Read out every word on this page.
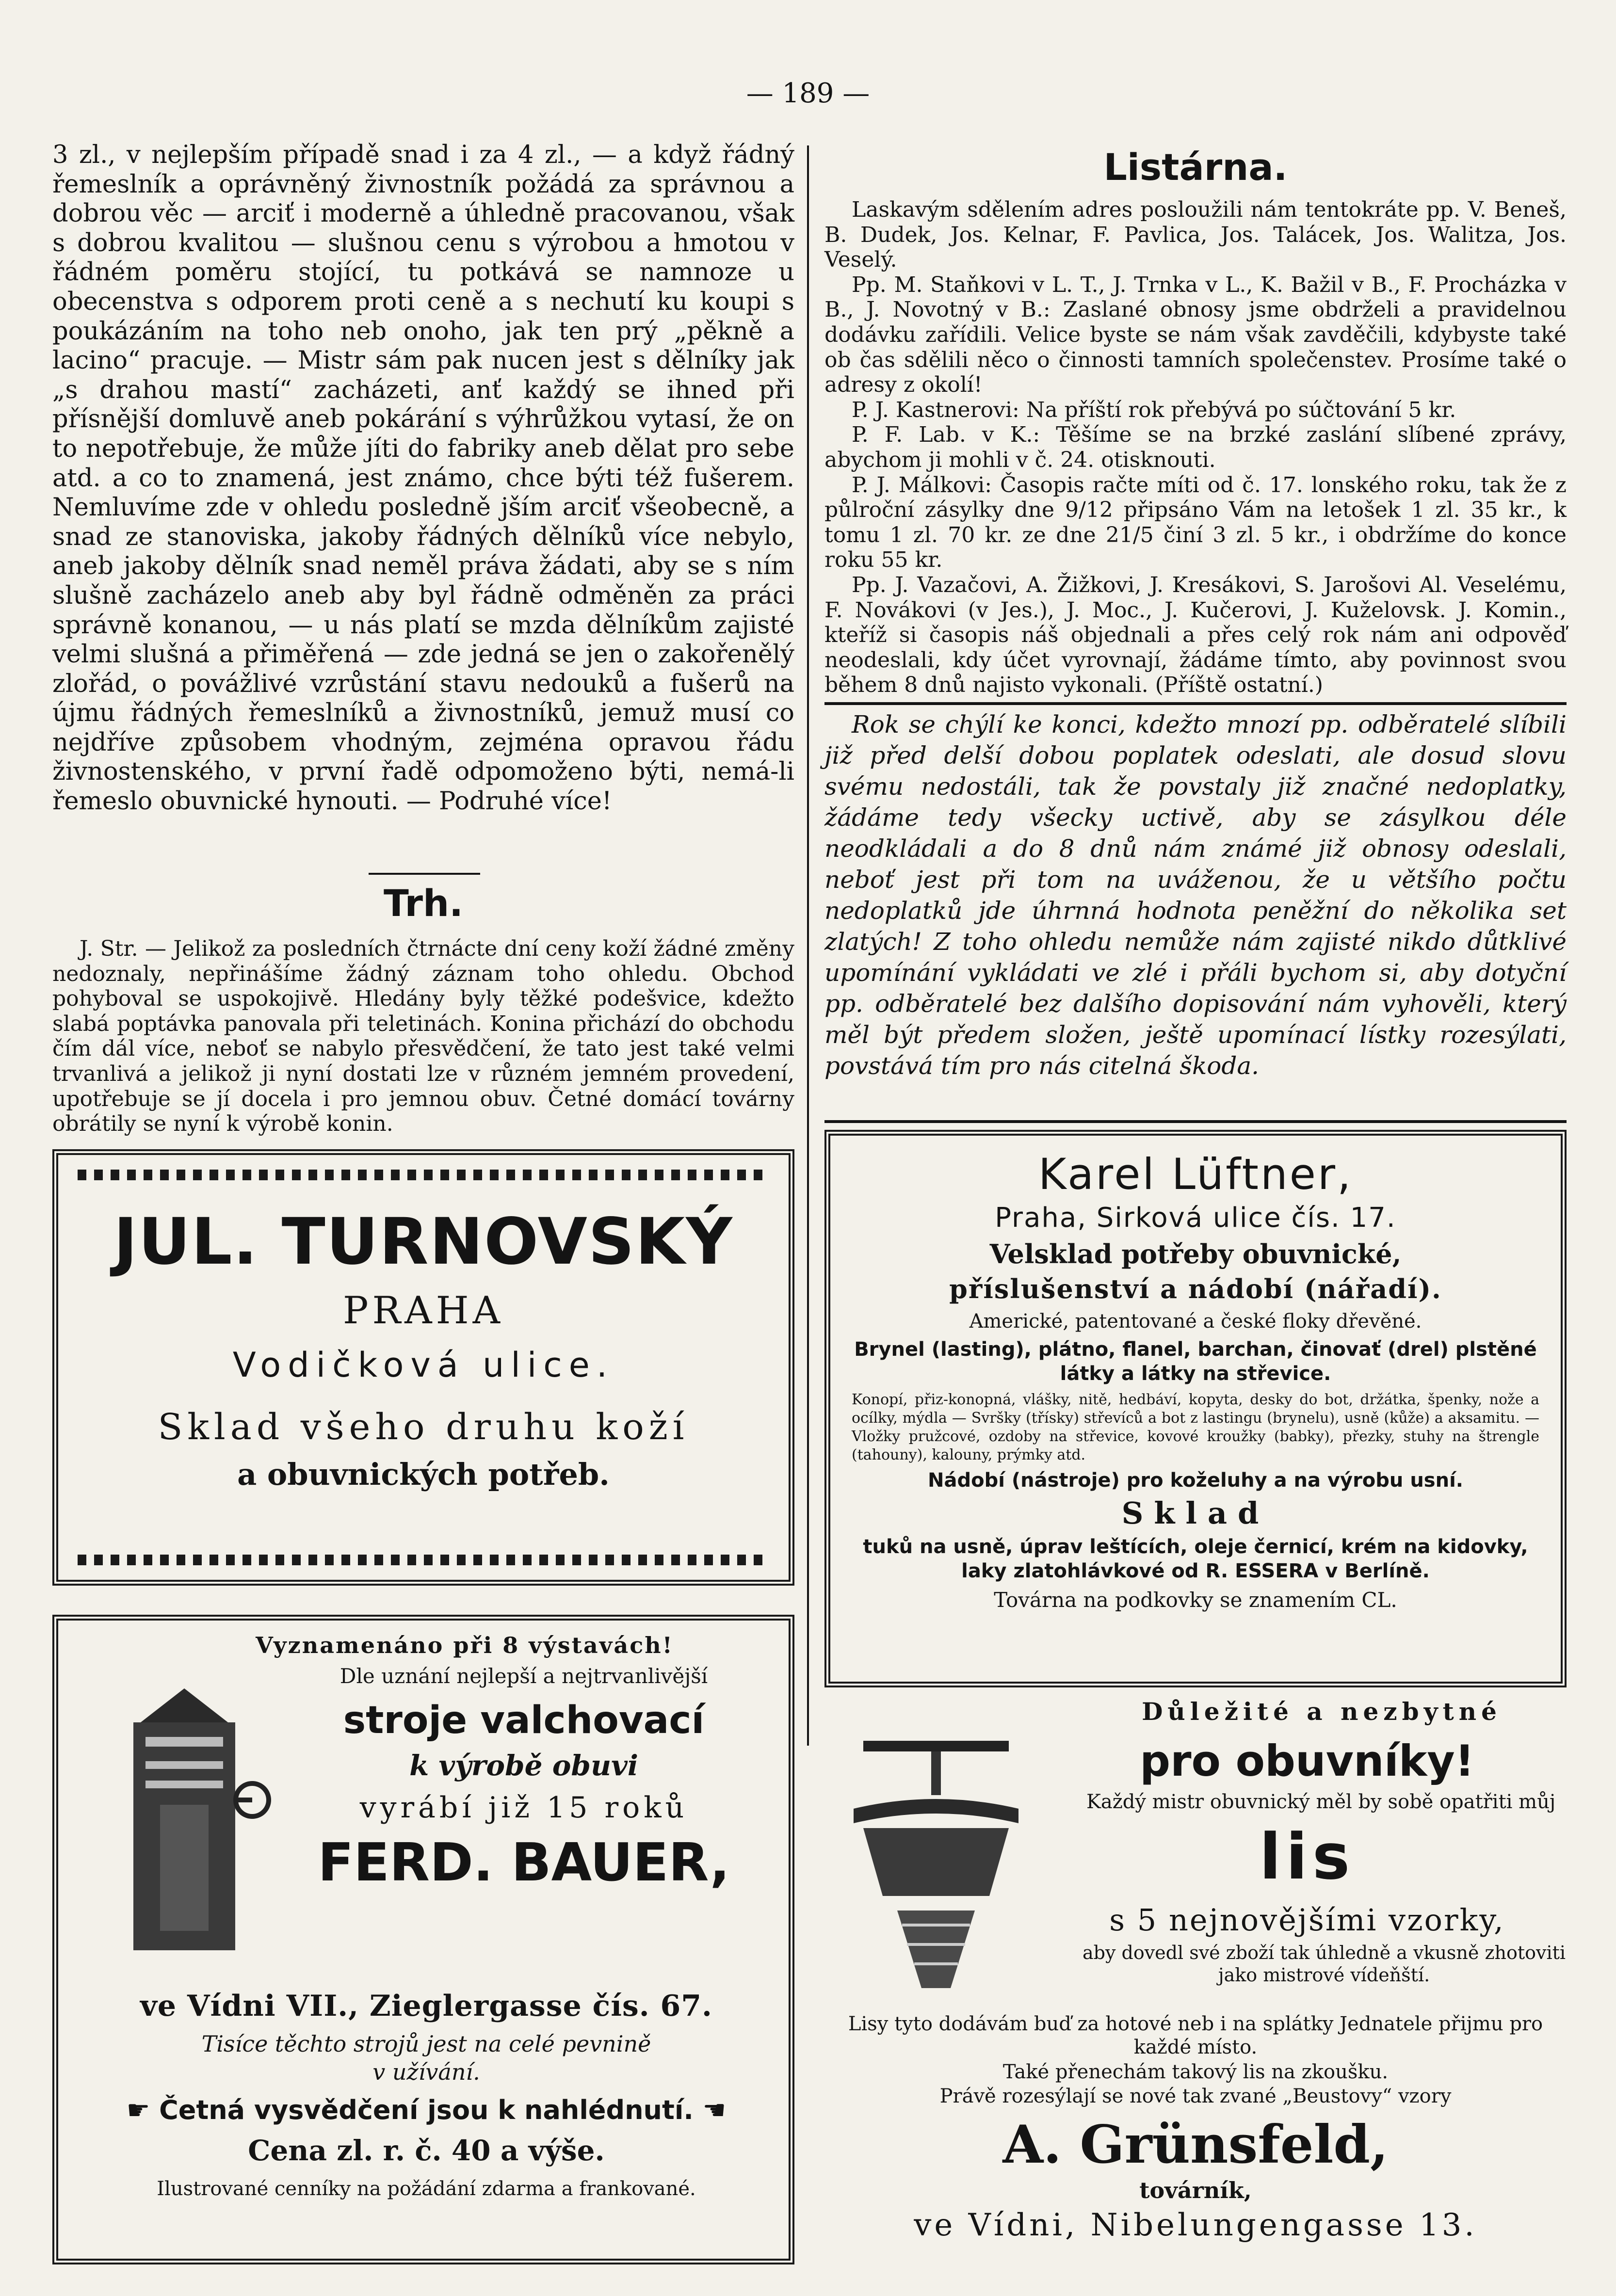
— 189 —

3 zl., v nejlepším případě snad i za 4 zl., — a když řádný řemeslník a oprávněný živnostník požádá za správnou a dobrou věc — arciť i moderně a úhledně pracovanou, však s dobrou kvalitou — slušnou cenu s výrobou a hmotou v řádném poměru stojící, tu potkává se namnoze u obecenstva s odporem proti ceně a s nechutí ku koupi s poukázáním na toho neb onoho, jak ten prý „pěkně a lacino“ pracuje. — Mistr sám pak nucen jest s dělníky jak „s drahou mastí“ zacházeti, anť každý se ihned při přísnější domluvě aneb pokárání s výhrůžkou vytasí, že on to nepotřebuje, že může jíti do fabriky aneb dělat pro sebe atd. a co to znamená, jest známo, chce býti též fušerem. Nemluvíme zde v ohledu posledně jším arciť všeobecně, a snad ze stanoviska, jakoby řádných dělníků více nebylo, aneb jakoby dělník snad neměl práva žádati, aby se s ním slušně zacházelo aneb aby byl řádně odměněn za práci správně konanou, — u nás platí se mzda dělníkům zajisté velmi slušná a přiměřená — zde jedná se jen o zakořenělý zlořád, o povážlivé vzrůstání stavu nedouků a fušerů na újmu řádných řemeslníků a živnostníků, jemuž musí co nejdříve způsobem vhodným, zejména opravou řádu živnostenského, v první řadě odpomoženo býti, nemá-li řemeslo obuvnické hynouti. — Podruhé více!

Trh.

J. Str. — Jelikož za posledních čtrnácte dní ceny koží žádné změny nedoznaly, nepřinášíme žádný záznam toho ohledu. Obchod pohyboval se uspokojivě. Hledány byly těžké podešvice, kdežto slabá poptávka panovala při teletinách. Konina přichází do obchodu čím dál více, neboť se nabylo přesvědčení, že tato jest také velmi trvanlivá a jelikož ji nyní dostati lze v různém jemném provedení, upotřebuje se jí docela i pro jemnou obuv. Četné domácí továrny obrátily se nyní k výrobě konin.

JUL. TURNOVSKÝ
PRAHA
Vodičková ulice.
Sklad všeho druhu koží
a obuvnických potřeb.
Vyznamenáno při 8 výstavách!
Dle uznání nejlepší a nejtrvanlivější
stroje valchovací
k výrobě obuvi
vyrábí již 15 roků
FERD. BAUER,
ve Vídni VII., Zieglergasse čís. 67.
Tisíce těchto strojů jest na celé pevnině
v užívání.
☛ Četná vysvědčení jsou k nahlédnutí. ☚
Cena zl. r. č. 40 a výše.
Ilustrované cenníky na požádání zdarma a frankované.
Listárna.

Laskavým sdělením adres posloužili nám tentokráte pp. V. Beneš, B. Dudek, Jos. Kelnar, F. Pavlica, Jos. Talácek, Jos. Walitza, Jos. Veselý.

Pp. M. Staňkovi v L. T., J. Trnka v L., K. Bažil v B., F. Procházka v B., J. Novotný v B.: Zaslané obnosy jsme obdrželi a pravidelnou dodávku zařídili. Velice byste se nám však zavděčili, kdybyste také ob čas sdělili něco o činnosti tamních společenstev. Prosíme také o adresy z okolí!

P. J. Kastnerovi: Na příští rok přebývá po súčtování 5 kr.

P. F. Lab. v K.: Těšíme se na brzké zaslání slíbené zprávy, abychom ji mohli v č. 24. otisknouti.

P. J. Málkovi: Časopis račte míti od č. 17. lonského roku, tak že z půlroční zásylky dne 9/12 připsáno Vám na letošek 1 zl. 35 kr., k tomu 1 zl. 70 kr. ze dne 21/5 činí 3 zl. 5 kr., i obdržíme do konce roku 55 kr.

Pp. J. Vazačovi, A. Žižkovi, J. Kresákovi, S. Jarošovi Al. Veselému, F. Novákovi (v Jes.), J. Moc., J. Kučerovi, J. Kuželovsk. J. Komin., kteříž si časopis náš objednali a přes celý rok nám ani odpověď neodeslali, kdy účet vyrovnají, žádáme tímto, aby povinnost svou během 8 dnů najisto vykonali. (Příště ostatní.)

Rok se chýlí ke konci, kdežto mnozí pp. odběratelé slíbili již před delší dobou poplatek odeslati, ale dosud slovu svému nedostáli, tak že povstaly již značné nedoplatky, žádáme tedy všecky uctivě, aby se zásylkou déle neodkládali a do 8 dnů nám známé již obnosy odeslali, neboť jest při tom na uváženou, že u většího počtu nedoplatků jde úhrnná hodnota peněžní do několika set zlatých! Z toho ohledu nemůže nám zajisté nikdo důtklivé upomínání vykládati ve zlé i přáli bychom si, aby dotyční pp. odběratelé bez dalšího dopisování nám vyhověli, který měl být předem složen, ještě upomínací lístky rozesýlati, povstává tím pro nás citelná škoda.

Karel Lüftner,
Praha, Sirková ulice čís. 17.
Velsklad potřeby obuvnické,
příslušenství a nádobí (nářadí).
Americké, patentované a české floky dřevěné.
Brynel (lasting), plátno, flanel, barchan, činovať (drel) plstěné látky a látky na střevice.
Konopí, přiz-konopná, vlášky, nitě, hedbáví, kopyta, desky do bot, držátka, špenky, nože a ocílky, mýdla — Svršky (třísky) střevíců a bot z lastingu (brynelu), usně (kůže) a aksamitu. — Vložky pružcové, ozdoby na střevice, kovové kroužky (babky), přezky, stuhy na štrengle (tahouny), kalouny, prýmky atd.
Nádobí (nástroje) pro koželuhy a na výrobu usní.
Sklad
tuků na usně, úprav leštících, oleje černicí, krém na kidovky, laky zlatohlávkové od R. ESSERA v Berlíně.
Továrna na podkovky se znamením CL.
Důležité a nezbytné
pro obuvníky!
Každý mistr obuvnický měl by sobě opatřiti můj
lis
s 5 nejnovějšími vzorky,
aby dovedl své zboží tak úhledně a vkusně zhotoviti jako mistrové vídeňští.
Lisy tyto dodávám buď za hotové neb i na splátky Jednatele přijmu pro každé místo.
Také přenechám takový lis na zkoušku.
Právě rozesýlají se nové tak zvané „Beustovy“ vzory
A. Grünsfeld,
továrník,
ve Vídni, Nibelungengasse 13.
